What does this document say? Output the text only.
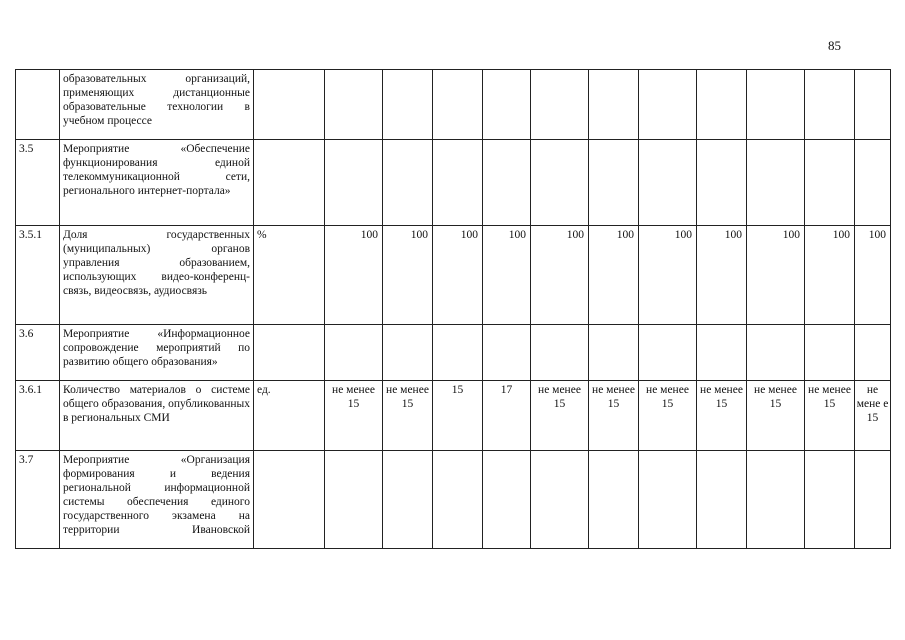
85
	образовательных организаций, применяющих дистанционные образовательные технологии в учебном процессе												
3.5	Мероприятие «Обеспечение функционирования единой телекоммуникационной сети, регионального интернет-портала»												
3.5.1	Доля государственных (муниципальных) органов управления образованием, использующих видео-конференц-связь, видеосвязь, аудиосвязь	%	100	100	100	100	100	100	100	100	100	100	100
3.6	Мероприятие «Информационное сопровождение мероприятий по развитию общего образования»												
3.6.1	Количество материалов о системе общего образования, опубликованных в региональных СМИ	ед.	не менее 15	не менее 15	15	17	не менее 15	не менее 15	не менее 15	не менее 15	не менее 15	не менее 15	не мене е 15
3.7	Мероприятие «Организация формирования и ведения региональной информационной системы обеспечения единого государственного экзамена на территории Ивановской												
